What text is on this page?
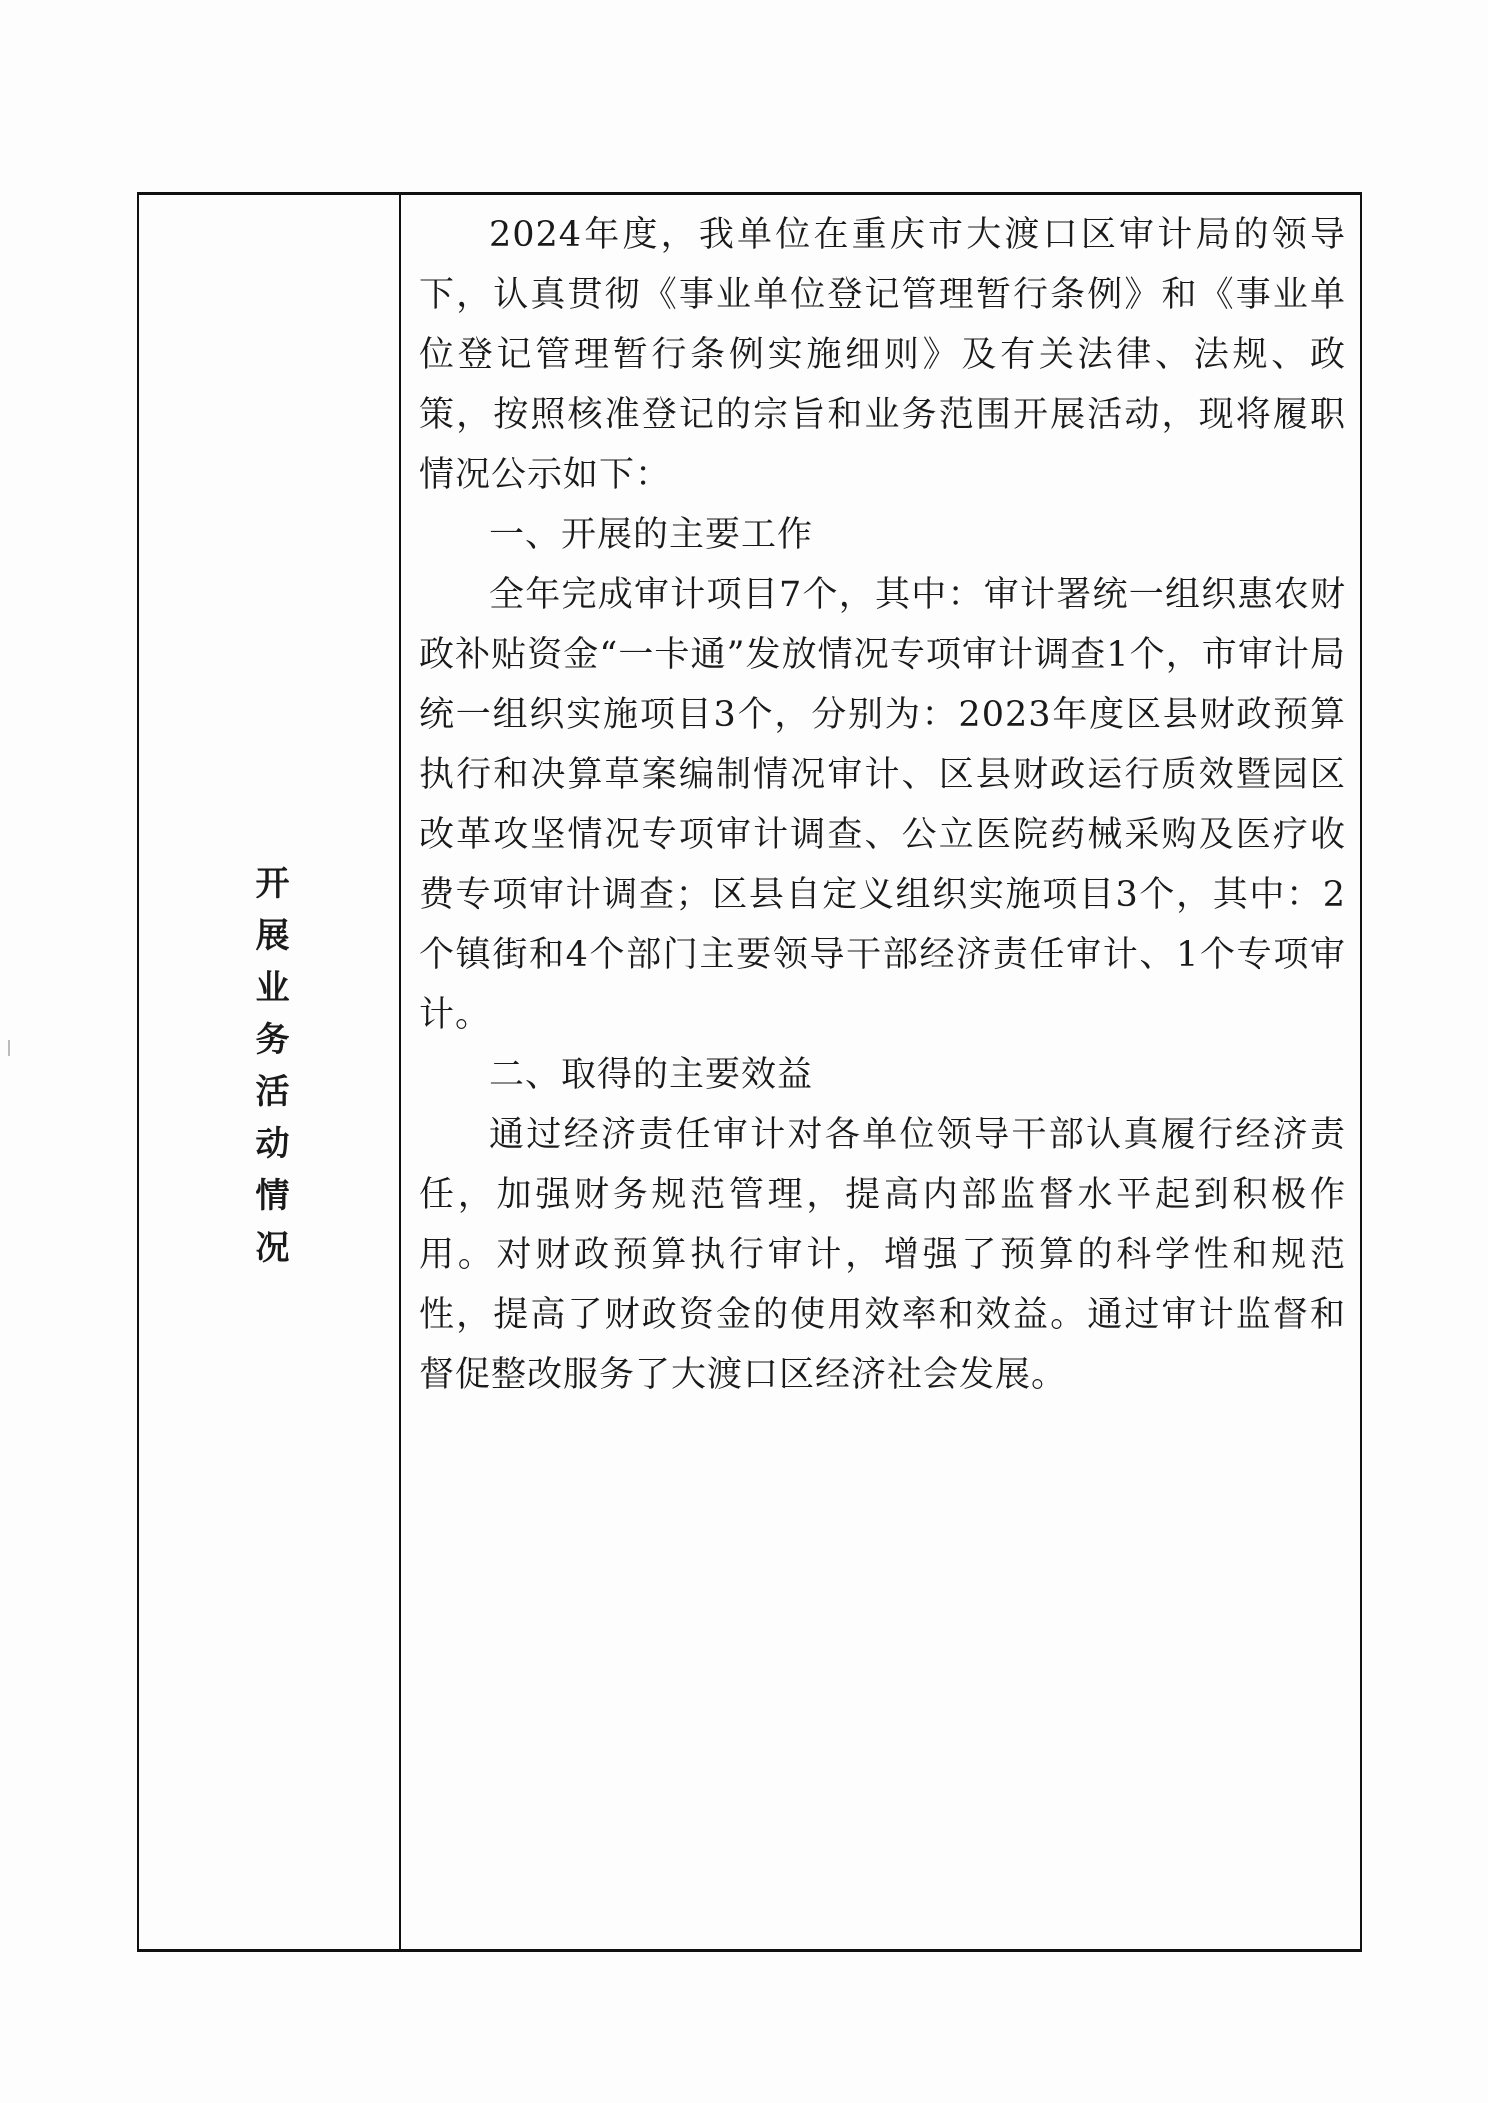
开展业务活动情况

2024年度，我单位在重庆市大渡口区审计局的领导下，认真贯彻《事业单位登记管理暂行条例》和《事业单位登记管理暂行条例实施细则》及有关法律、法规、政策，按照核准登记的宗旨和业务范围开展活动，现将履职情况公示如下：

一、开展的主要工作

全年完成审计项目7个，其中：审计署统一组织惠农财政补贴资金“一卡通”发放情况专项审计调查1个，市审计局统一组织实施项目3个，分别为：2023年度区县财政预算执行和决算草案编制情况审计、区县财政运行质效暨园区改革攻坚情况专项审计调查、公立医院药械采购及医疗收费专项审计调查；区县自定义组织实施项目3个，其中：2个镇街和4个部门主要领导干部经济责任审计、1个专项审计。

二、取得的主要效益

通过经济责任审计对各单位领导干部认真履行经济责任，加强财务规范管理，提高内部监督水平起到积极作用。对财政预算执行审计，增强了预算的科学性和规范性，提高了财政资金的使用效率和效益。通过审计监督和督促整改服务了大渡口区经济社会发展。
